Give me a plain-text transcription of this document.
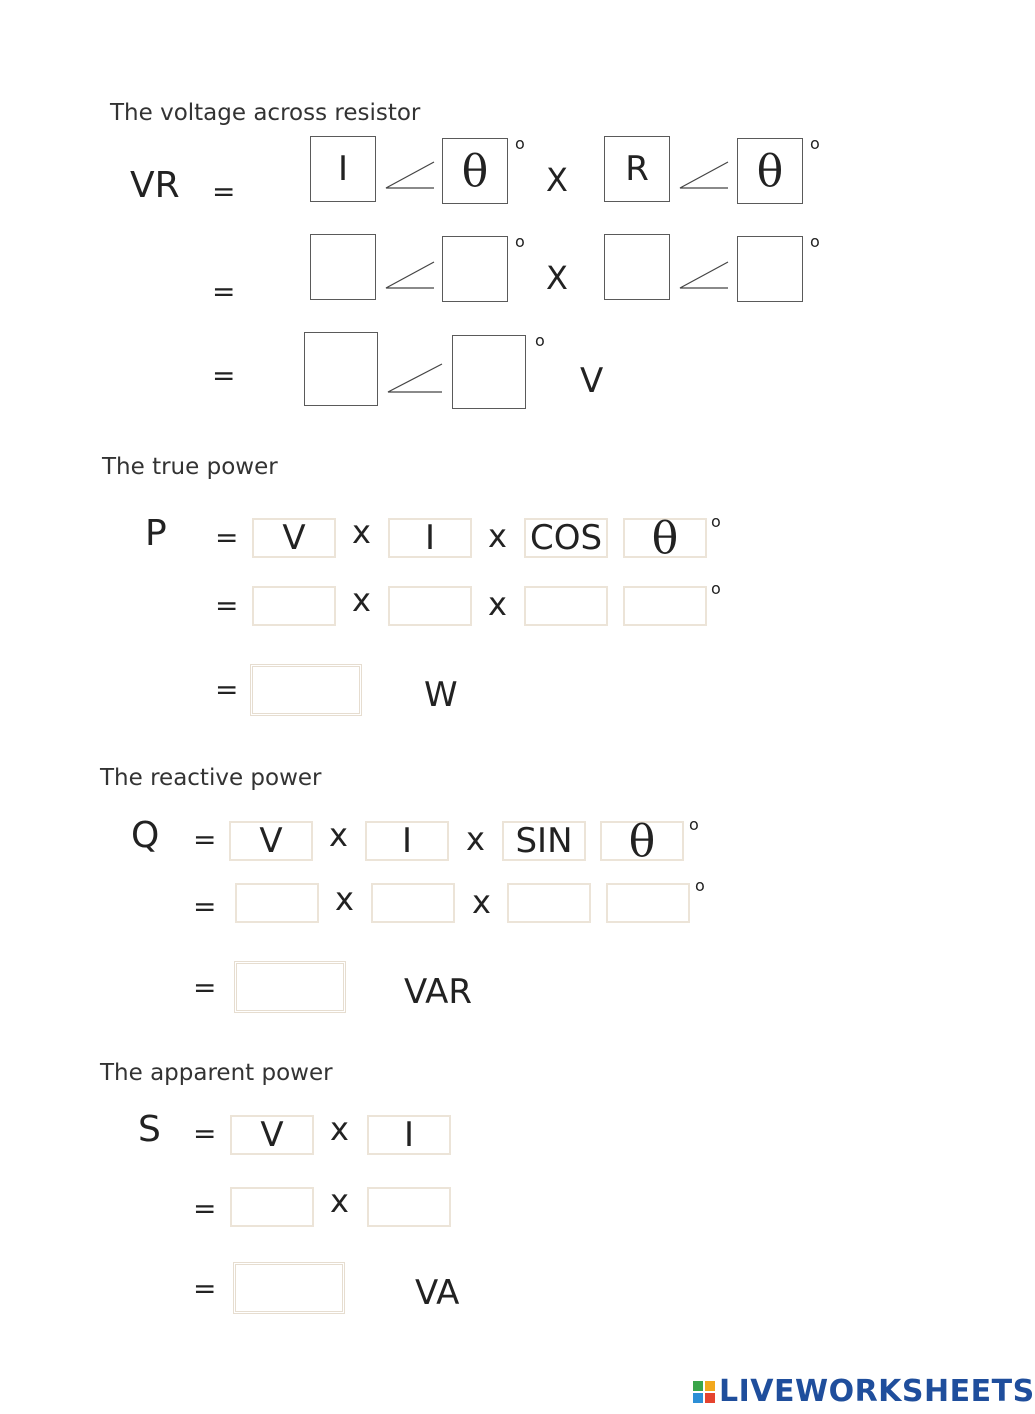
The voltage across resistor
VR =
I	θ
o
X	R	θ
o
=
o
X
o
=
o
V
The true power
P =	V	x	I	x COS	θ	o
=	x	x	o
=	W
The reactive power
Q =	V	x	I	x SIN	θ	o
=	x	x	o
=	VAR
The apparent power
S =	V	x	I
=	x
=	VA
LIVEWORKSHEETS
